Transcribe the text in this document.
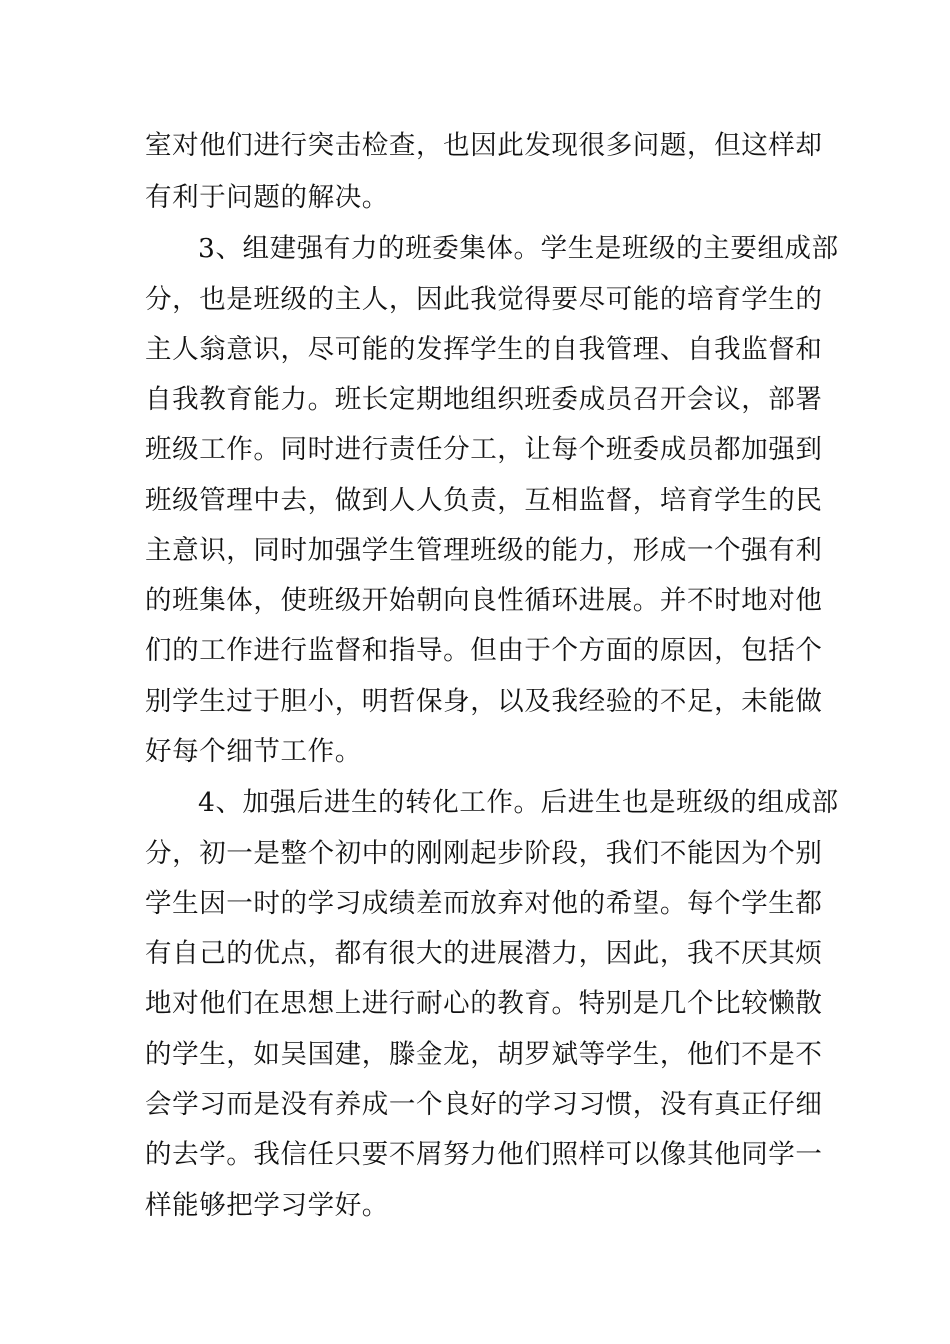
室对他们进行突击检查，也因此发现很多问题，但这样却
有利于问题的解决。
3、组建强有力的班委集体。学生是班级的主要组成部
分，也是班级的主人，因此我觉得要尽可能的培育学生的
主人翁意识，尽可能的发挥学生的自我管理、自我监督和
自我教育能力。班长定期地组织班委成员召开会议，部署
班级工作。同时进行责任分工，让每个班委成员都加强到
班级管理中去，做到人人负责，互相监督，培育学生的民
主意识，同时加强学生管理班级的能力，形成一个强有利
的班集体，使班级开始朝向良性循环进展。并不时地对他
们的工作进行监督和指导。但由于个方面的原因，包括个
别学生过于胆小，明哲保身，以及我经验的不足，未能做
好每个细节工作。
4、加强后进生的转化工作。后进生也是班级的组成部
分，初一是整个初中的刚刚起步阶段，我们不能因为个别
学生因一时的学习成绩差而放弃对他的希望。每个学生都
有自己的优点，都有很大的进展潜力，因此，我不厌其烦
地对他们在思想上进行耐心的教育。特别是几个比较懒散
的学生，如吴国建，滕金龙，胡罗斌等学生，他们不是不
会学习而是没有养成一个良好的学习习惯，没有真正仔细
的去学。我信任只要不屑努力他们照样可以像其他同学一
样能够把学习学好。
